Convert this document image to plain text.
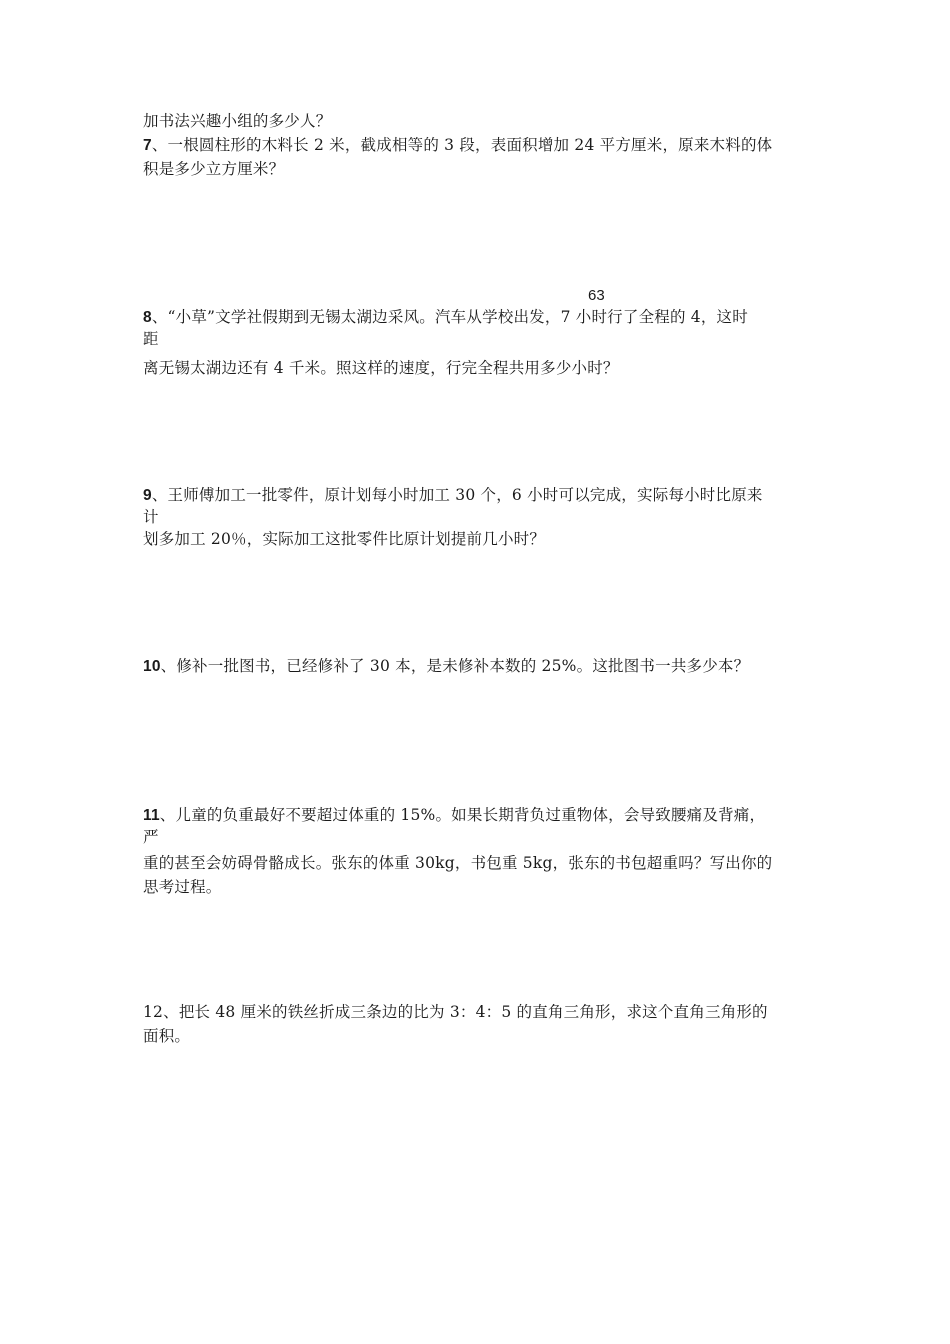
加书法兴趣小组的多少人？
7、一根圆柱形的木料长 2 米，截成相等的 3 段，表面积增加 24 平方厘米，原来木料的体
积是多少立方厘米？
63
8、“小草”文学社假期到无锡太湖边采风。汽车从学校出发，7 小时行了全程的 4，这时
距
离无锡太湖边还有 4 千米。照这样的速度，行完全程共用多少小时？
9、王师傅加工一批零件，原计划每小时加工 30 个，6 小时可以完成，实际每小时比原来
计
划多加工 20％，实际加工这批零件比原计划提前几小时？
10、修补一批图书，已经修补了 30 本，是未修补本数的 25%。这批图书一共多少本？
11、儿童的负重最好不要超过体重的 15%。如果长期背负过重物体，会导致腰痛及背痛，
严
重的甚至会妨碍骨骼成长。张东的体重 30kg，书包重 5kg，张东的书包超重吗？写出你的
思考过程。
12、把长 48 厘米的铁丝折成三条边的比为 3：4：5 的直角三角形，求这个直角三角形的
面积。
